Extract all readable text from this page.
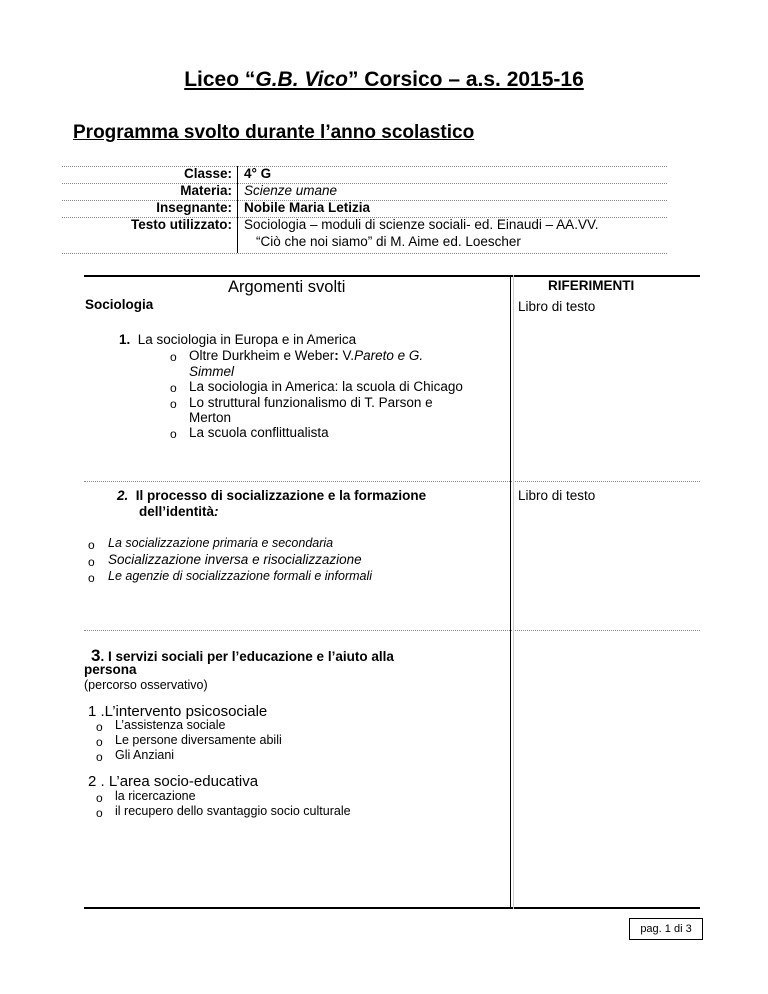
Liceo “G.B. Vico” Corsico – a.s. 2015-16
Programma svolto durante l’anno scolastico
Classe: 4° G
Materia: Scienze umane
Insegnante: Nobile Maria Letizia
Testo utilizzato: Sociologia – moduli di scienze sociali- ed. Einaudi – AA.VV.
“Ciò che noi siamo” di M. Aime ed. Loescher
Argomenti svolti	RIFERIMENTI
Sociologia	Libro di testo
1. La sociologia in Europa e in America
o Oltre Durkheim e Weber: V.Pareto e G.
Simmel
o La sociologia in America: la scuola di Chicago
o Lo struttural funzionalismo di T. Parson e
Merton
o La scuola conflittualista
2. Il processo di socializzazione e la formazione
dell’identità:
Libro di testo
o La socializzazione primaria e secondaria
o Socializzazione inversa e risocializzazione
o Le agenzie di socializzazione formali e informali
3. I servizi sociali per l’educazione e l’aiuto alla
persona
(percorso osservativo)
1 .L’intervento psicosociale
o L’assistenza sociale
o Le persone diversamente abili
o Gli Anziani
2 . L’area socio-educativa
o la ricercazione
o il recupero dello svantaggio socio culturale
pag. 1 di 3
